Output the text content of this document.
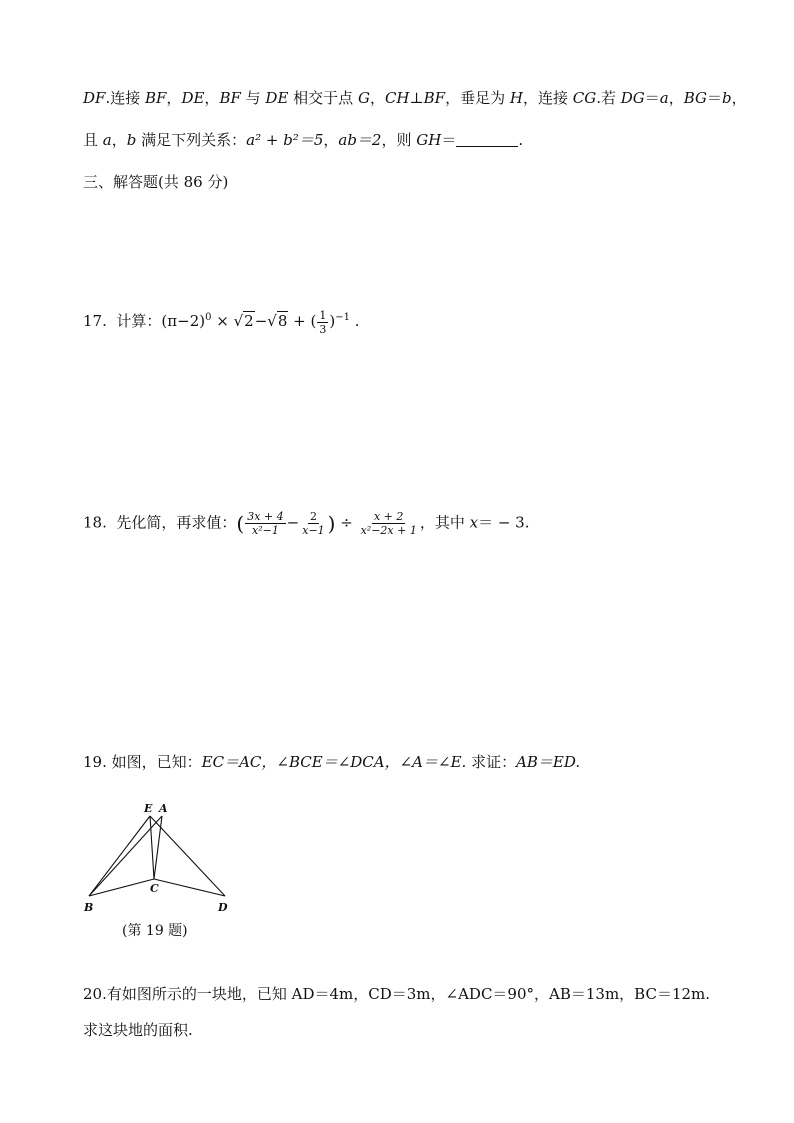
DF.连接 BF，DE，BF 与 DE 相交于点 G，CH⊥BF，垂足为 H，连接 CG.若 DG＝a，BG＝b，
且 a，b 满足下列关系：a² + b²＝5，ab＝2，则 GH＝	.
三、解答题(共 86 分)
17. 计算：$(\pi-2)^0 \times √2-√8$ + ( $\frac{1}{3} )^{-1}$ .
18. 先化简，再求值：( $\frac{3x + 4}{\text{x²−1}} - \frac{2}{x-1}$ ) ÷ $\frac{x + 2}{\text{x²−2x + 1}}$ ，其中 x＝ − 3.
19. 如图，已知：EC＝AC，∠BCE＝∠DCA，∠A＝∠E. 求证：AB＝ED.
E A
B
C
D
(第 19 题)
20.有如图所示的一块地，已知 AD＝4m，CD＝3m，∠ADC＝90°，AB＝13m，BC＝12m.
求这块地的面积.
